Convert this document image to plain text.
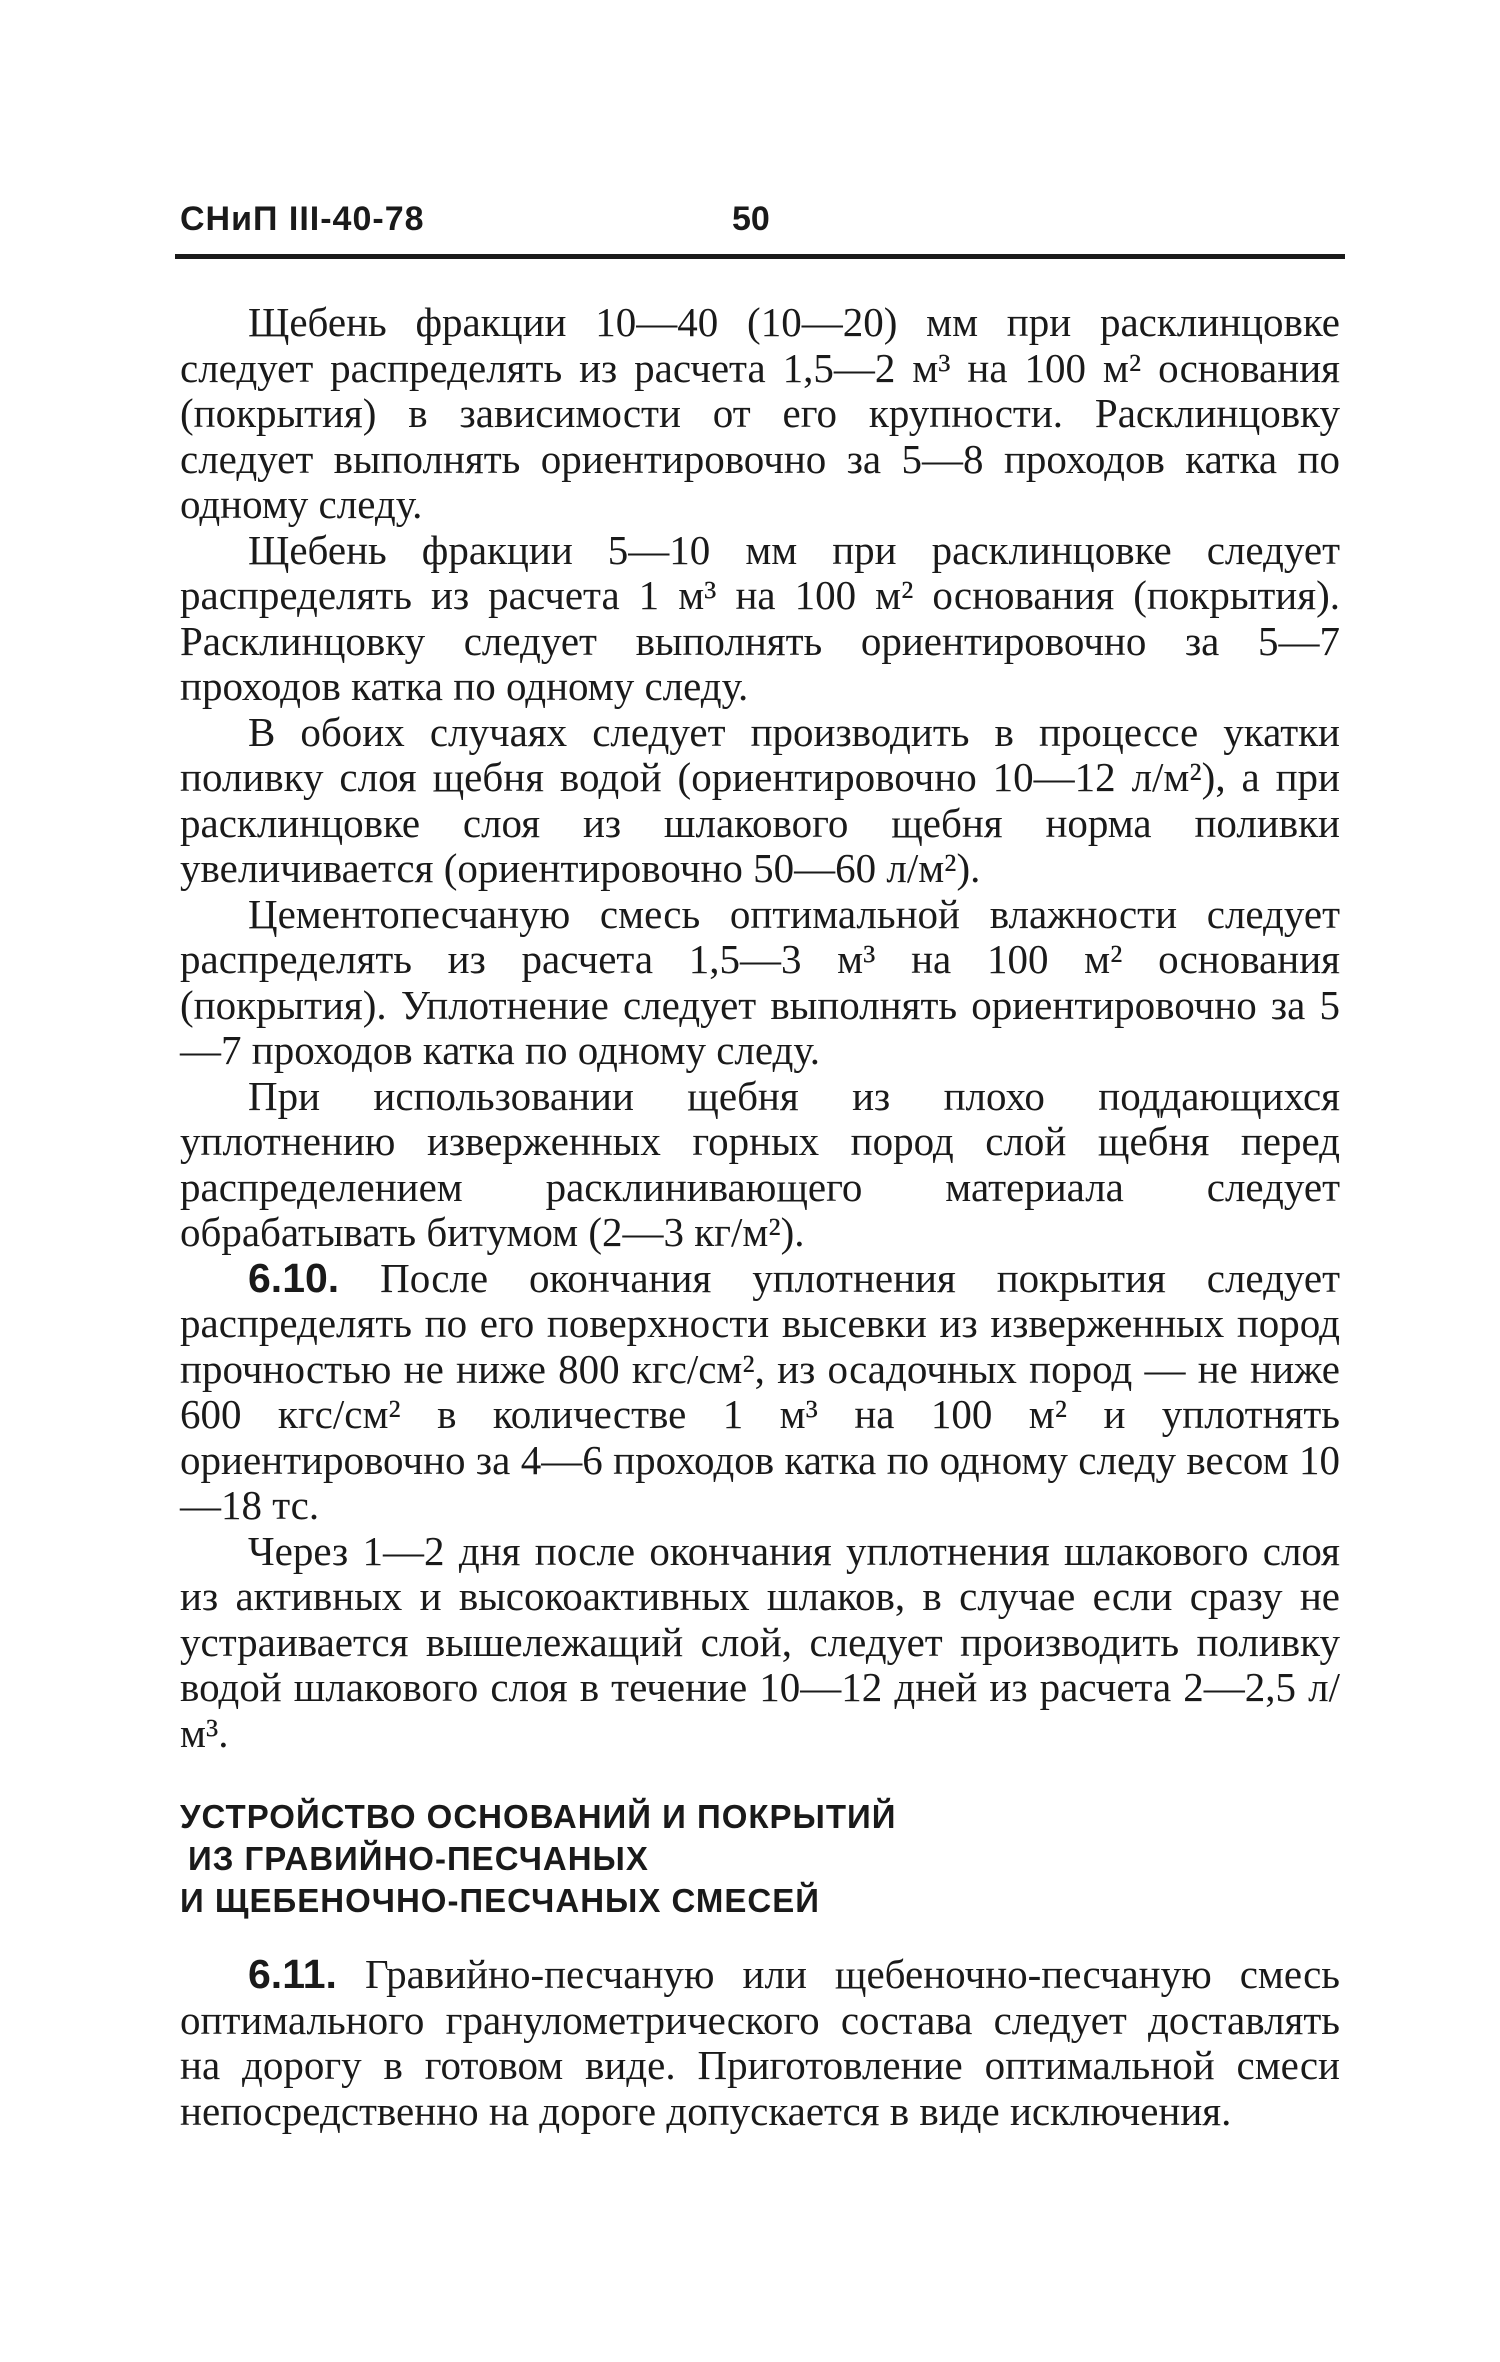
СНиП III-40-78	50

Щебень фракции 10—40 (10—20) мм при расклинцовке следует распределять из расчета 1,5—2 м³ на 100 м² основания (покрытия) в зависимости от его крупности. Расклинцовку следует выполнять ориентировочно за 5—8 проходов катка по одному следу.

Щебень фракции 5—10 мм при расклинцовке следует распределять из расчета 1 м³ на 100 м² основания (покрытия). Расклинцовку следует выполнять ориентировочно за 5—7 проходов катка по одному следу.

В обоих случаях следует производить в процессе укатки поливку слоя щебня водой (ориентировочно 10—12 л/м²), а при расклинцовке слоя из шлакового щебня норма поливки увеличивается (ориентировочно 50—60 л/м²).

Цементопесчаную смесь оптимальной влажности следует распределять из расчета 1,5—3 м³ на 100 м² основания (покрытия). Уплотнение следует выполнять ориентировочно за 5—7 проходов катка по одному следу.

При использовании щебня из плохо поддающихся уплотнению изверженных горных пород слой щебня перед распределением расклинивающего материала следует обрабатывать битумом (2—3 кг/м²).

6.10. После окончания уплотнения покрытия следует распределять по его поверхности высевки из изверженных пород прочностью не ниже 800 кгс/см², из осадочных пород — не ниже 600 кгс/см² в количестве 1 м³ на 100 м² и уплотнять ориентировочно за 4—6 проходов катка по одному следу весом 10—18 тс.

Через 1—2 дня после окончания уплотнения шлакового слоя из активных и высокоактивных шлаков, в случае если сразу не устраивается вышележащий слой, следует производить поливку водой шлакового слоя в течение 10—12 дней из расчета 2—2,5 л/м³.

УСТРОЙСТВО ОСНОВАНИЙ И ПОКРЫТИЙ
ИЗ ГРАВИЙНО-ПЕСЧАНЫХ
И ЩЕБЕНОЧНО-ПЕСЧАНЫХ СМЕСЕЙ

6.11. Гравийно-песчаную или щебеночно-песчаную смесь оптимального гранулометрического состава следует доставлять на дорогу в готовом виде. Приготовление оптимальной смеси непосредственно на дороге допускается в виде исключения.
